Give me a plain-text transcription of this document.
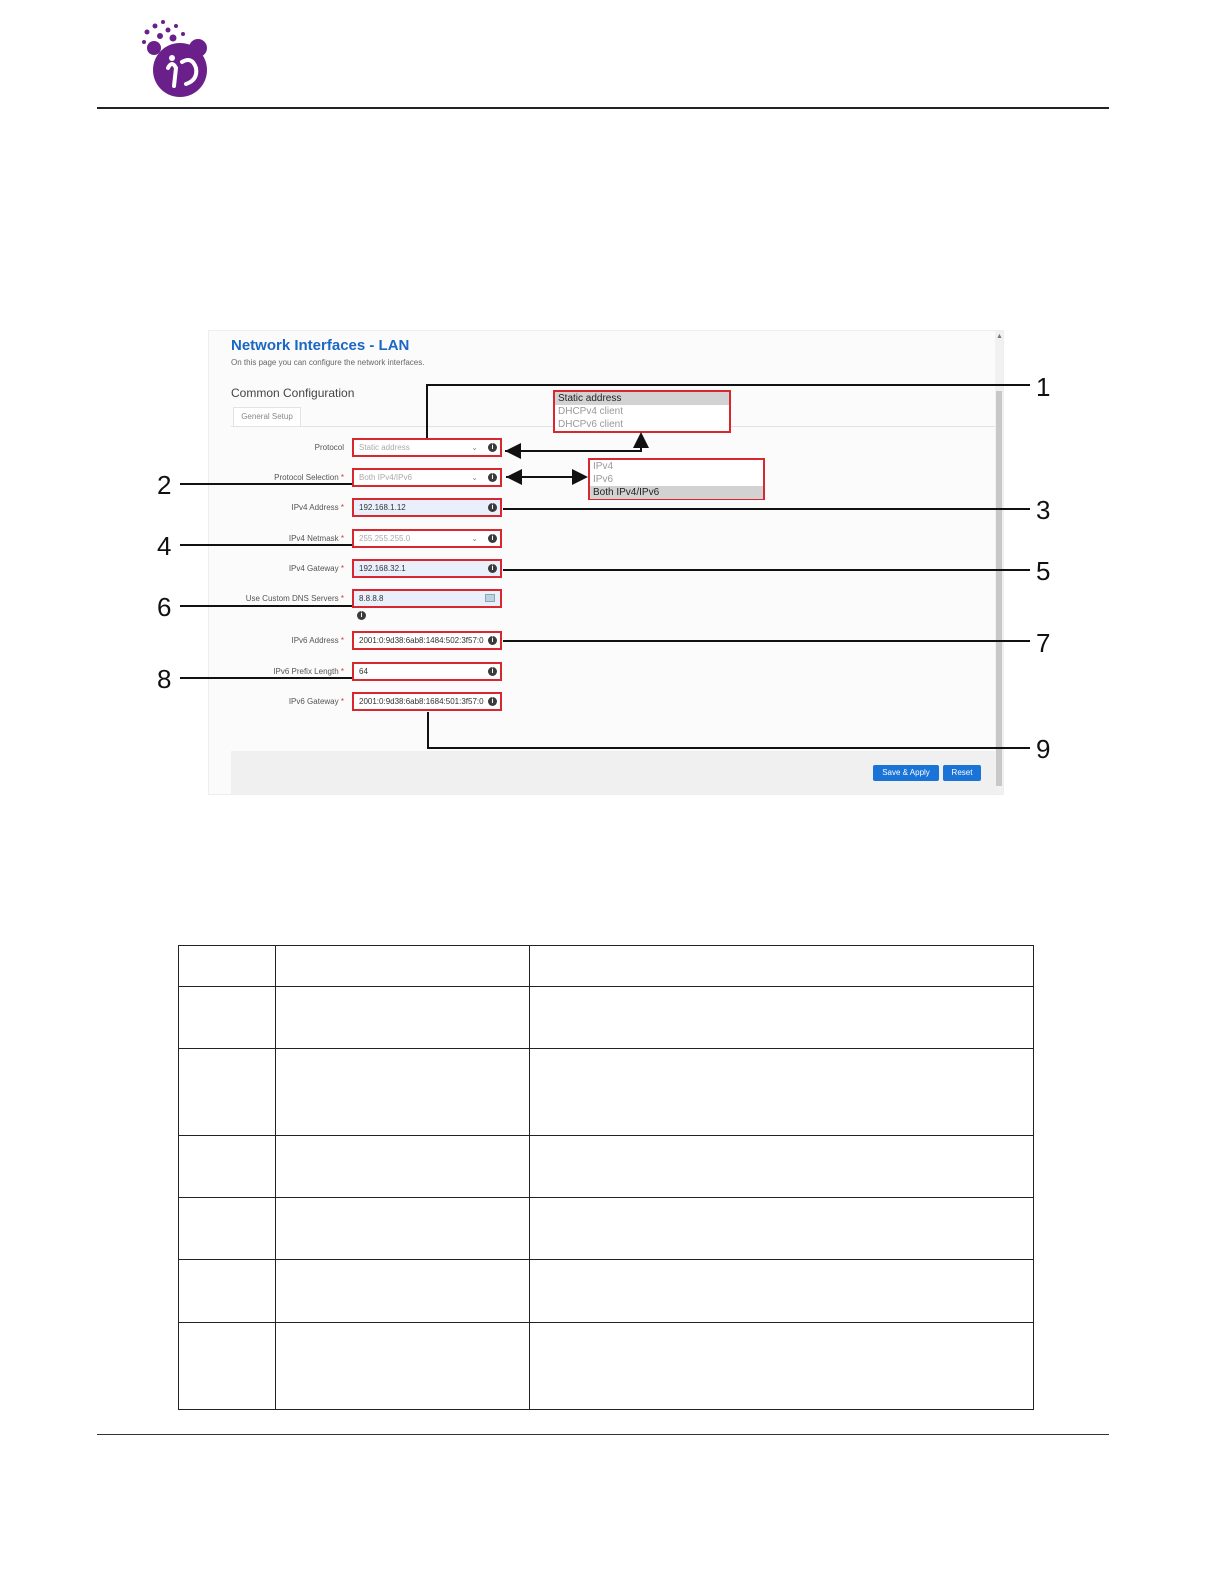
Network Interfaces - LAN
On this page you can configure the network interfaces.
Common Configuration
General Setup
Protocol	Static address	⌄	i
Protocol Selection *	Both IPv4/IPv6	⌄	i
IPv4 Address *	192.168.1.12	i
IPv4 Netmask *	255.255.255.0	⌄	i
IPv4 Gateway *	192.168.32.1	i
Use Custom DNS Servers *	8.8.8.8
i
IPv6 Address *	2001:0:9d38:6ab8:1484:502:3f57:0	i
IPv6 Prefix Length *	64	i
IPv6 Gateway *	2001:0:9d38:6ab8:1684:501:3f57:0	i
Save & Apply	Reset
▲
Static address
DHCPv4 client
DHCPv6 client
IPv4
IPv6
Both IPv4/IPv6
1
2
3
4
5
6
7
8
9
